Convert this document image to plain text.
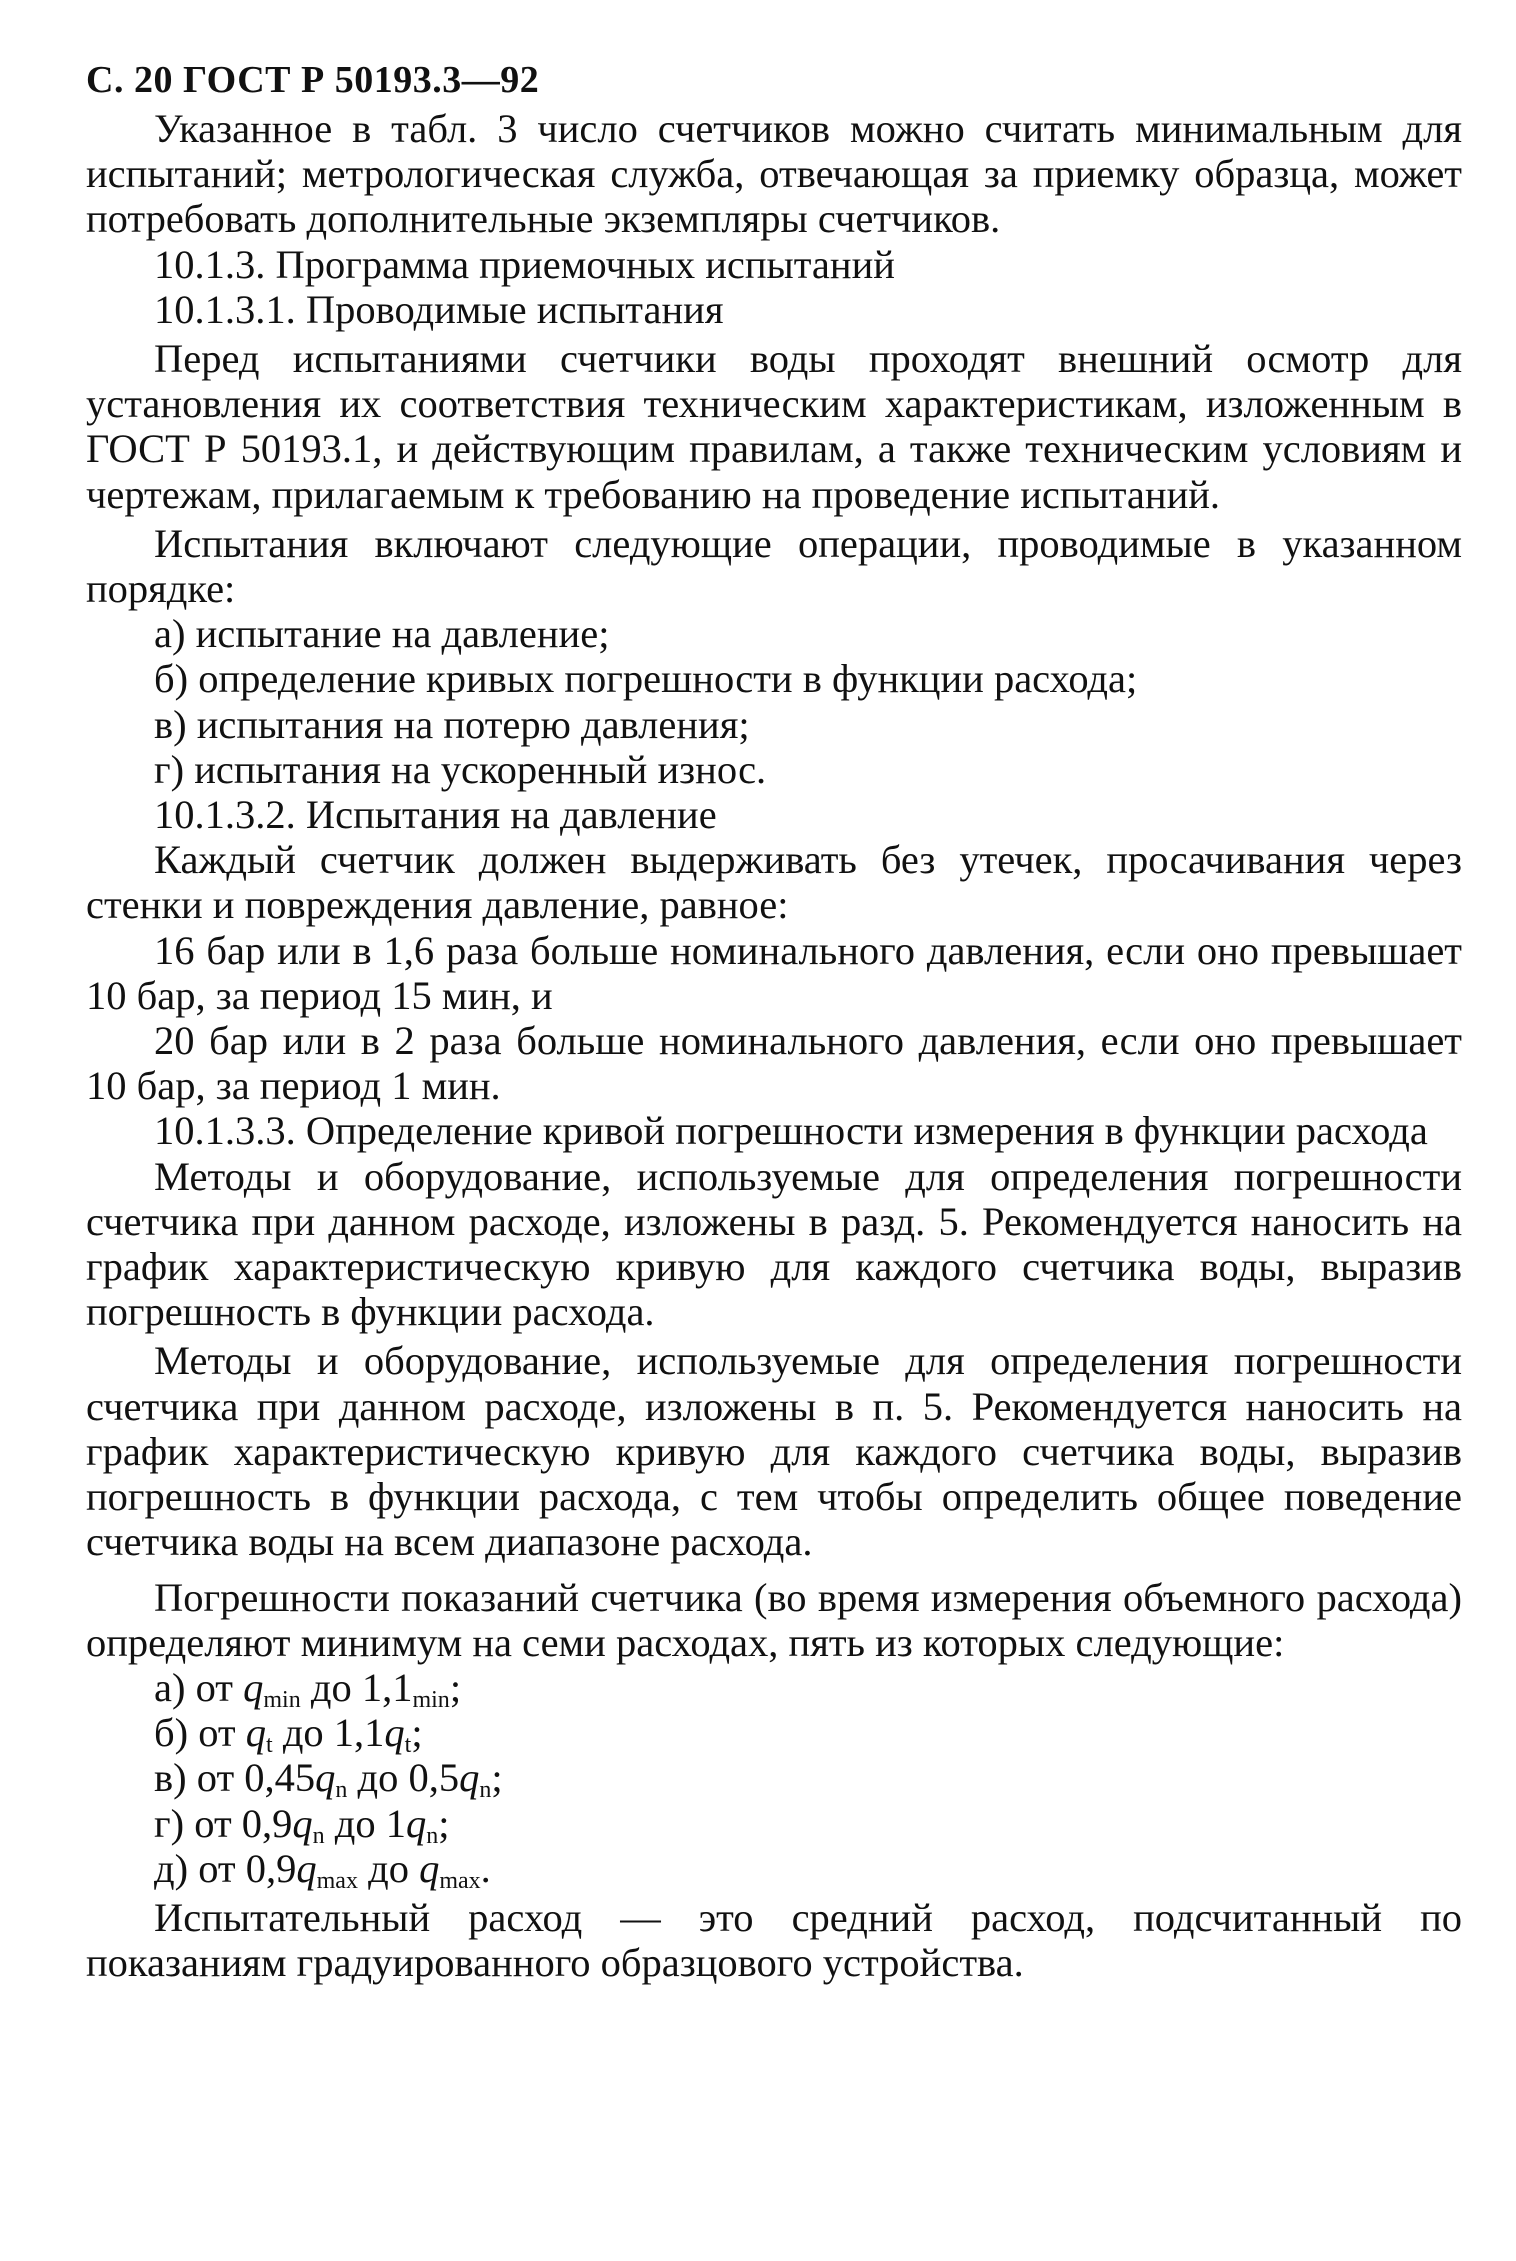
С. 20 ГОСТ Р 50193.3—92

Указанное в табл. 3 число счетчиков можно считать минимальным для испытаний; метрологическая служба, отвечающая за приемку образца, может потребовать дополнительные экземпляры счетчиков.

10.1.3. Программа приемочных испытаний

10.1.3.1. Проводимые испытания

Перед испытаниями счетчики воды проходят внешний осмотр для установления их соответствия техническим характеристикам, изложенным в ГОСТ Р 50193.1, и действующим правилам, а также техническим условиям и чертежам, прилагаемым к требованию на проведение испытаний.

Испытания включают следующие операции, проводимые в указанном порядке:

а) испытание на давление;

б) определение кривых погрешности в функции расхода;

в) испытания на потерю давления;

г) испытания на ускоренный износ.

10.1.3.2. Испытания на давление

Каждый счетчик должен выдерживать без утечек, просачивания через стенки и повреждения давление, равное:

16 бар или в 1,6 раза больше номинального давления, если оно превышает 10 бар, за период 15 мин, и

20 бар или в 2 раза больше номинального давления, если оно превышает 10 бар, за период 1 мин.

10.1.3.3. Определение кривой погрешности измерения в функции расхода

Методы и оборудование, используемые для определения погрешности счетчика при данном расходе, изложены в разд. 5. Рекомендуется наносить на график характеристическую кривую для каждого счетчика воды, выразив погрешность в функции расхода.

Методы и оборудование, используемые для определения погрешности счетчика при данном расходе, изложены в п. 5. Рекомендуется наносить на график характеристическую кривую для каждого счетчика воды, выразив погрешность в функции расхода, с тем чтобы определить общее поведение счетчика воды на всем диапазоне расхода.

Погрешности показаний счетчика (во время измерения объемного расхода) определяют минимум на семи расходах, пять из которых следующие:

а) от $q_{min}$ до $1,1_{min}$;

б) от $q_t$ до $1,1q_t$;

в) от $0,45q_n$ до $0,5q_n$;

г) от $0,9q_n$ до $1q_n$;

д) от $0,9q_{max}$ до $q_{max}$.

Испытательный расход — это средний расход, подсчитанный по показаниям градуированного образцового устройства.
